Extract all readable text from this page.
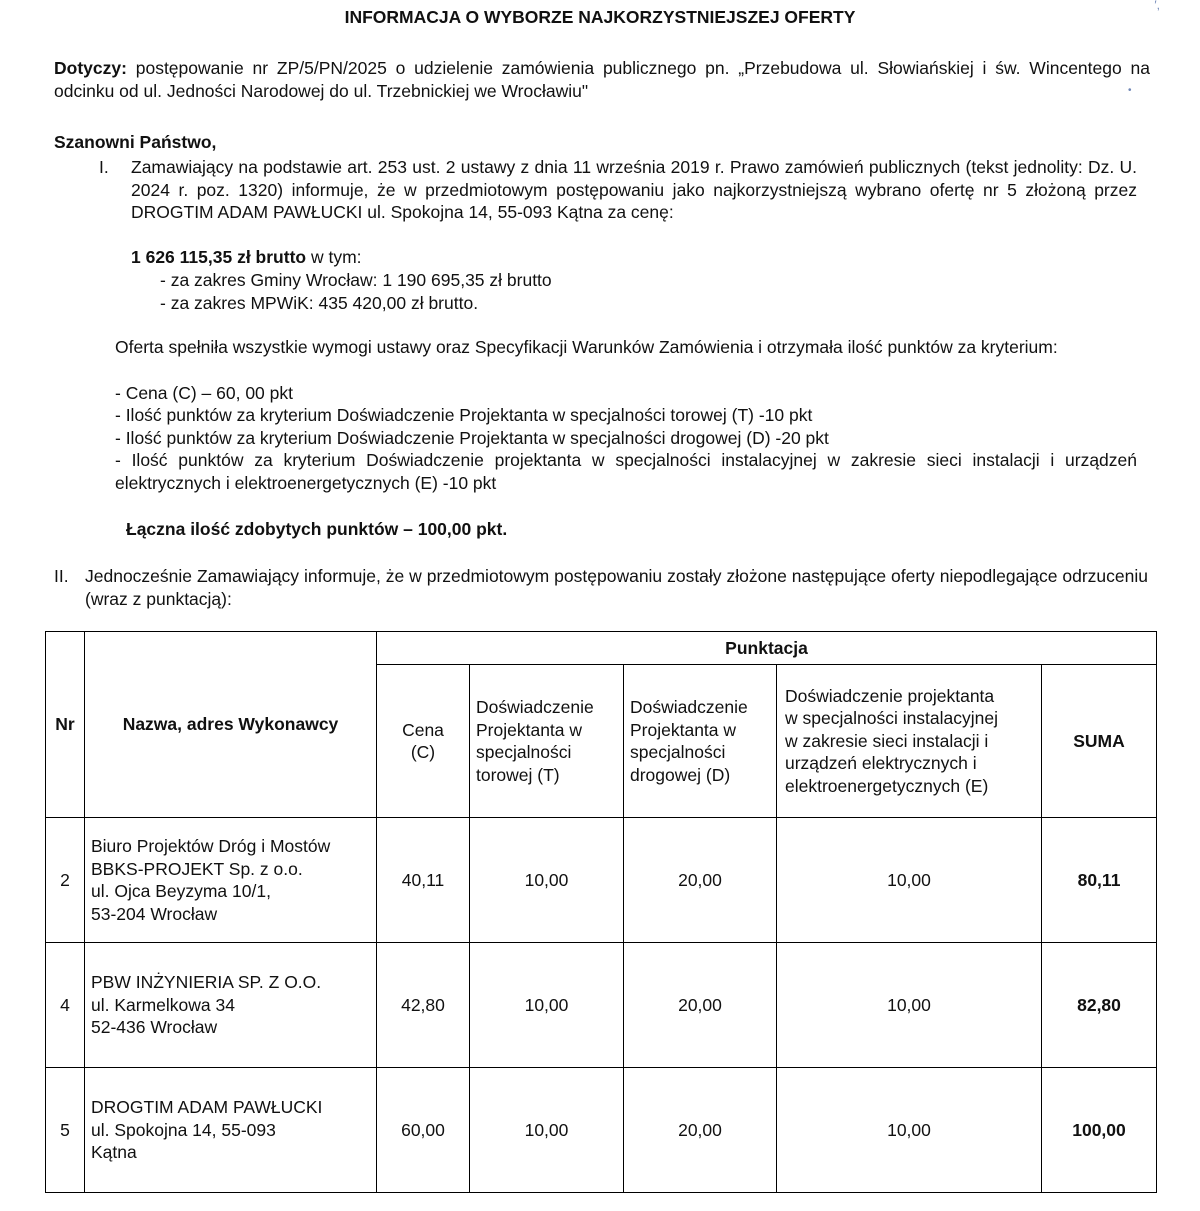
′,
•
INFORMACJA O WYBORZE NAJKORZYSTNIEJSZEJ OFERTY

Dotyczy: postępowanie nr ZP/5/PN/2025 o udzielenie zamówienia publicznego pn. „Przebudowa ul. Słowiańskiej i św. Wincentego na odcinku od ul. Jedności Narodowej do ul. Trzebnickiej we Wrocławiu"

Szanowni Państwo,

I. Zamawiający na podstawie art. 253 ust. 2 ustawy z dnia 11 września 2019 r. Prawo zamówień publicznych (tekst jednolity: Dz. U. 2024 r. poz. 1320) informuje, że w przedmiotowym postępowaniu jako najkorzystniejszą wybrano ofertę nr 5 złożoną przez DROGTIM ADAM PAWŁUCKI ul. Spokojna 14, 55-093 Kątna za cenę:

1 626 115,35 zł brutto w tym:

- za zakres Gminy Wrocław: 1 190 695,35 zł brutto

- za zakres MPWiK: 435 420,00 zł brutto.

Oferta spełniła wszystkie wymogi ustawy oraz Specyfikacji Warunków Zamówienia i otrzymała ilość punktów za kryterium:

- Cena (C) – 60, 00 pkt

- Ilość punktów za kryterium Doświadczenie Projektanta w specjalności torowej (T) -10 pkt

- Ilość punktów za kryterium Doświadczenie Projektanta w specjalności drogowej (D) -20 pkt

- Ilość punktów za kryterium Doświadczenie projektanta w specjalności instalacyjnej w zakresie sieci instalacji i urządzeń elektrycznych i elektroenergetycznych (E) -10 pkt

Łączna ilość zdobytych punktów – 100,00 pkt.

II. Jednocześnie Zamawiający informuje, że w przedmiotowym postępowaniu zostały złożone następujące oferty niepodlegające odrzuceniu (wraz z punktacją):

Nr	Nazwa, adres Wykonawcy	Punktacja				

		Cena
(C)	Doświadczenie
Projektanta w
specjalności
torowej (T)	Doświadczenie
Projektanta w
specjalności
drogowej (D)	Doświadczenie projektanta
w specjalności instalacyjnej
w zakresie sieci instalacji i
urządzeń elektrycznych i
elektroenergetycznych (E)	SUMA
2	Biuro Projektów Dróg i Mostów
BBKS-PROJEKT Sp. z o.o.
ul. Ojca Beyzyma 10/1,
53-204 Wrocław	40,11	10,00	20,00	10,00	80,11
4	PBW INŻYNIERIA SP. Z O.O.
ul. Karmelkowa 34
52-436 Wrocław	42,80	10,00	20,00	10,00	82,80
5	DROGTIM ADAM PAWŁUCKI
ul. Spokojna 14, 55-093
Kątna	60,00	10,00	20,00	10,00	100,00
